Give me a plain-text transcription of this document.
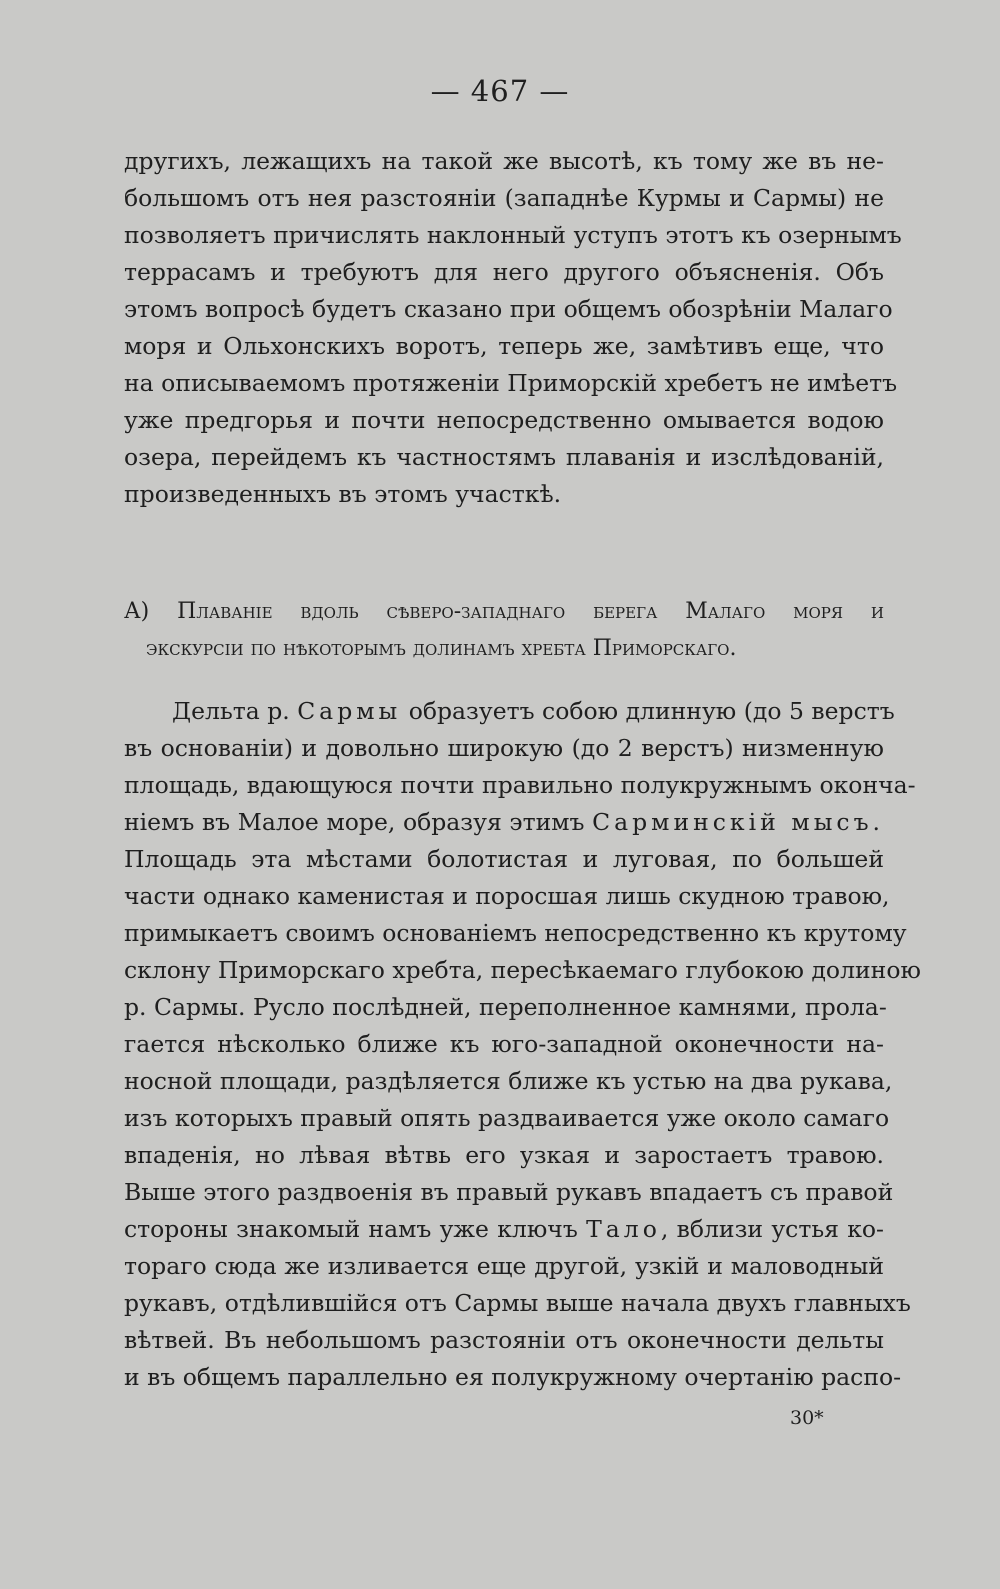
— 467 —
другихъ, лежащихъ на такой же высотѣ, къ тому же въ не-
большомъ отъ нея разстояніи (западнѣе Курмы и Сармы) не
позволяетъ причислять наклонный уступъ этотъ къ озернымъ
террасамъ и требуютъ для него другого объясненія. Объ
этомъ вопросѣ будетъ сказано при общемъ обозрѣніи Малаго
моря и Ольхонскихъ воротъ, теперь же, замѣтивъ еще, что
на описываемомъ протяженіи Приморскій хребетъ не имѣетъ
уже предгорья и почти непосредственно омывается водою
озера, перейдемъ къ частностямъ плаванія и изслѣдованій,
произведенныхъ въ этомъ участкѣ.
А) Плаваніе вдоль сѣверо-западнаго берега Малаго моря и
экскурсіи по нѣкоторымъ долинамъ хребта Приморскаго.
Дельта р. Сармы образуетъ собою длинную (до 5 верстъ
въ основаніи) и довольно широкую (до 2 верстъ) низменную
площадь, вдающуюся почти правильно полукружнымъ оконча-
ніемъ въ Малое море, образуя этимъ Сарминскій мысъ.
Площадь эта мѣстами болотистая и луговая, по большей
части однако каменистая и поросшая лишь скудною травою,
примыкаетъ своимъ основаніемъ непосредственно къ крутому
склону Приморскаго хребта, пересѣкаемаго глубокою долиною
р. Сармы. Русло послѣдней, переполненное камнями, прола-
гается нѣсколько ближе къ юго-западной оконечности на-
носной площади, раздѣляется ближе къ устью на два рукава,
изъ которыхъ правый опять раздваивается уже около самаго
впаденія, но лѣвая вѣтвь его узкая и заростаетъ травою.
Выше этого раздвоенія въ правый рукавъ впадаетъ съ правой
стороны знакомый намъ уже ключъ Тало, вблизи устья ко-
тораго сюда же изливается еще другой, узкій и маловодный
рукавъ, отдѣлившійся отъ Сармы выше начала двухъ главныхъ
вѣтвей. Въ небольшомъ разстояніи отъ оконечности дельты
и въ общемъ параллельно ея полукружному очертанію распо-
30*
